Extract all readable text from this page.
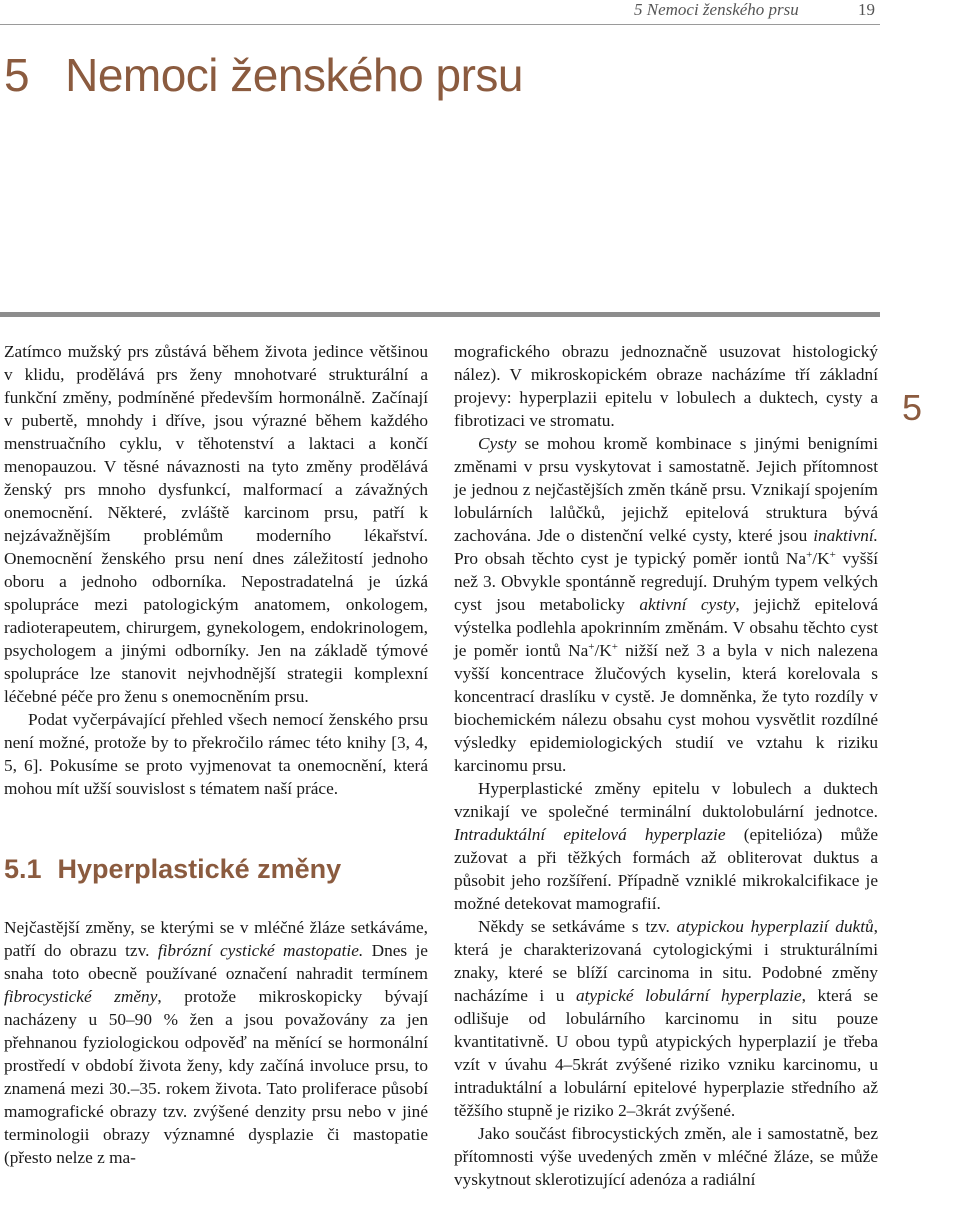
5 Nemoci ženského prsu	19
5 Nemoci ženského prsu
5

Zatímco mužský prs zůstává během života jedince většinou v klidu, prodělává prs ženy mnohotvaré strukturální a funkční změny, podmíněné především hormonálně. Začínají v pubertě, mnohdy i dříve, jsou výrazné během každého menstruačního cyklu, v těhotenství a laktaci a končí menopauzou. V těsné návaznosti na tyto změny prodělává ženský prs mnoho dysfunkcí, malformací a závažných onemocnění. Některé, zvláště karcinom prsu, patří k nejzávažnějším problémům moderního lékařství. Onemocnění ženského prsu není dnes záležitostí jednoho oboru a jednoho odborníka. Nepostradatelná je úzká spolupráce mezi patologickým anatomem, onkologem, radioterapeutem, chirurgem, gynekologem, endokrinologem, psychologem a jinými odborníky. Jen na základě týmové spolupráce lze stanovit nejvhodnější strategii komplexní léčebné péče pro ženu s onemocněním prsu.

Podat vyčerpávající přehled všech nemocí ženského prsu není možné, protože by to překročilo rámec této knihy [3, 4, 5, 6]. Pokusíme se proto vyjmenovat ta onemocnění, která mohou mít užší souvislost s tématem naší práce.

5.1 Hyperplastické změny

Nejčastější změny, se kterými se v mléčné žláze setkáváme, patří do obrazu tzv. fibrózní cystické mastopatie. Dnes je snaha toto obecně používané označení nahradit termínem fibrocystické změny, protože mikroskopicky bývají nacházeny u 50–90 % žen a jsou považovány za jen přehnanou fyziologickou odpověď na měnící se hormonální prostředí v období života ženy, kdy začíná involuce prsu, to znamená mezi 30.–35. rokem života. Tato proliferace působí mamografické obrazy tzv. zvýšené denzity prsu nebo v jiné terminologii obrazy významné dysplazie či mastopatie (přesto nelze z ma-

mografického obrazu jednoznačně usuzovat histologický nález). V mikroskopickém obraze nacházíme tří základní projevy: hyperplazii epitelu v lobulech a duktech, cysty a fibrotizaci ve stromatu.

Cysty se mohou kromě kombinace s jinými benigními změnami v prsu vyskytovat i samostatně. Jejich přítomnost je jednou z nejčastějších změn tkáně prsu. Vznikají spojením lobulárních lalůčků, jejichž epitelová struktura bývá zachována. Jde o distenční velké cysty, které jsou inaktivní. Pro obsah těchto cyst je typický poměr iontů Na+/K+ vyšší než 3. Obvykle spontánně regredují. Druhým typem velkých cyst jsou metabolicky aktivní cysty, jejichž epitelová výstelka podlehla apokrinním změnám. V obsahu těchto cyst je poměr iontů Na+/K+ nižší než 3 a byla v nich nalezena vyšší koncentrace žlučových kyselin, která korelovala s koncentrací draslíku v cystě. Je domněnka, že tyto rozdíly v biochemickém nálezu obsahu cyst mohou vysvětlit rozdílné výsledky epidemiologických studií ve vztahu k riziku karcinomu prsu.

Hyperplastické změny epitelu v lobulech a duktech vznikají ve společné terminální duktolobulární jednotce. Intraduktální epitelová hyperplazie (epitelióza) může zužovat a při těžkých formách až obliterovat duktus a působit jeho rozšíření. Případně vzniklé mikrokalcifikace je možné detekovat mamografií.

Někdy se setkáváme s tzv. atypickou hyperplazií duktů, která je charakterizovaná cytologickými i strukturálními znaky, které se blíží carcinoma in situ. Podobné změny nacházíme i u atypické lobulární hyperplazie, která se odlišuje od lobulárního karcinomu in situ pouze kvantitativně. U obou typů atypických hyperplazií je třeba vzít v úvahu 4–5krát zvýšené riziko vzniku karcinomu, u intraduktální a lobulární epitelové hyperplazie středního až těžšího stupně je riziko 2–3krát zvýšené.

Jako součást fibrocystických změn, ale i samostatně, bez přítomnosti výše uvedených změn v mléčné žláze, se může vyskytnout sklerotizující adenóza a radiální
